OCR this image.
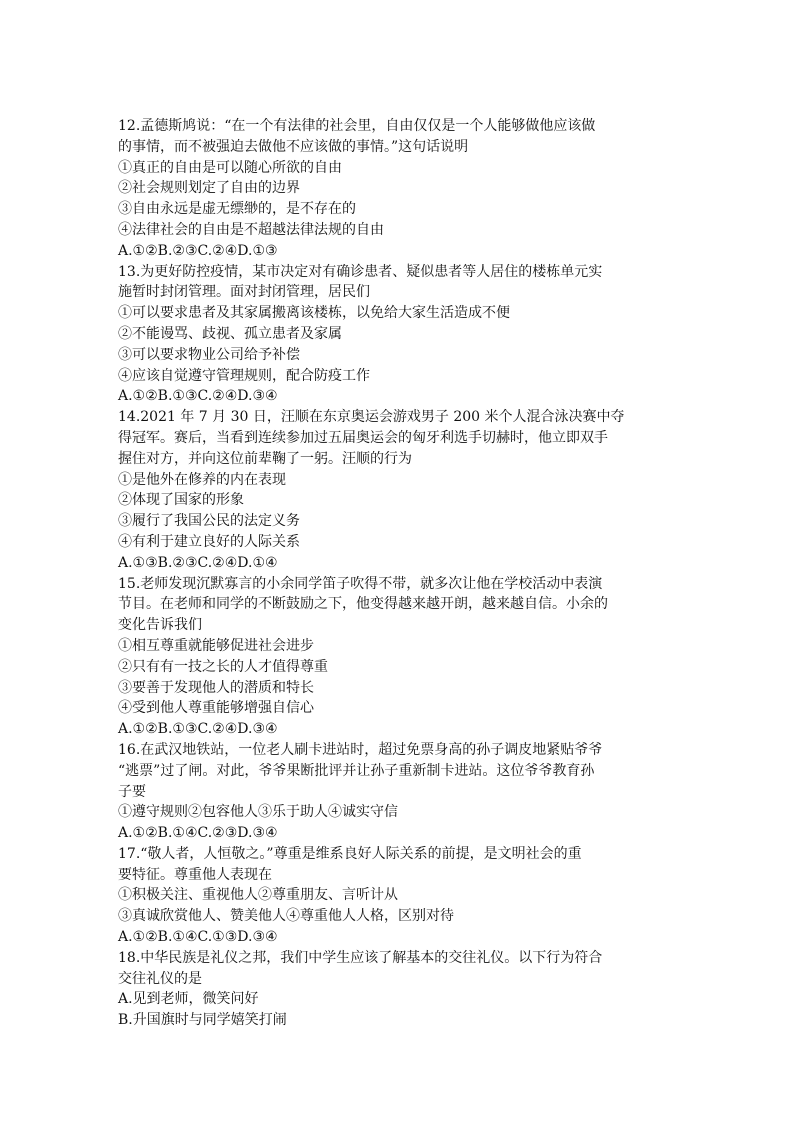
12.孟德斯鸠说：“在一个有法律的社会里，自由仅仅是一个人能够做他应该做
的事情，而不被强迫去做他不应该做的事情。”这句话说明
①真正的自由是可以随心所欲的自由
②社会规则划定了自由的边界
③自由永远是虚无缥缈的，是不存在的
④法律社会的自由是不超越法律法规的自由
A.①②B.②③C.②④D.①③
13.为更好防控疫情，某市决定对有确诊患者、疑似患者等人居住的楼栋单元实
施暂时封闭管理。面对封闭管理，居民们
①可以要求患者及其家属搬离该楼栋，以免给大家生活造成不便
②不能谩骂、歧视、孤立患者及家属
③可以要求物业公司给予补偿
④应该自觉遵守管理规则，配合防疫工作
A.①②B.①③C.②④D.③④
14.2021 年 7 月 30 日，汪顺在东京奥运会游戏男子 200 米个人混合泳决赛中夺
得冠军。赛后，当看到连续参加过五届奥运会的匈牙利选手切赫时，他立即双手
握住对方，并向这位前辈鞠了一躬。汪顺的行为
①是他外在修养的内在表现
②体现了国家的形象
③履行了我国公民的法定义务
④有利于建立良好的人际关系
A.①③B.②③C.②④D.①④
15.老师发现沉默寡言的小余同学笛子吹得不带，就多次让他在学校活动中表演
节目。在老师和同学的不断鼓励之下，他变得越来越开朗，越来越自信。小余的
变化告诉我们
①相互尊重就能够促进社会进步
②只有有一技之长的人才值得尊重
③要善于发现他人的潜质和特长
④受到他人尊重能够增强自信心
A.①②B.①③C.②④D.③④
16.在武汉地铁站，一位老人刷卡进站时，超过免票身高的孙子调皮地紧贴爷爷
“逃票”过了闸。对此，爷爷果断批评并让孙子重新制卡进站。这位爷爷教育孙
子要
①遵守规则②包容他人③乐于助人④诚实守信
A.①②B.①④C.②③D.③④
17.“敬人者，人恒敬之。”尊重是维系良好人际关系的前提，是文明社会的重
要特征。尊重他人表现在
①积极关注、重视他人②尊重朋友、言听计从
③真诚欣赏他人、赞美他人④尊重他人人格，区别对待
A.①②B.①④C.①③D.③④
18.中华民族是礼仪之邦，我们中学生应该了解基本的交往礼仪。以下行为符合
交往礼仪的是
A.见到老师，微笑问好
B.升国旗时与同学嬉笑打闹
